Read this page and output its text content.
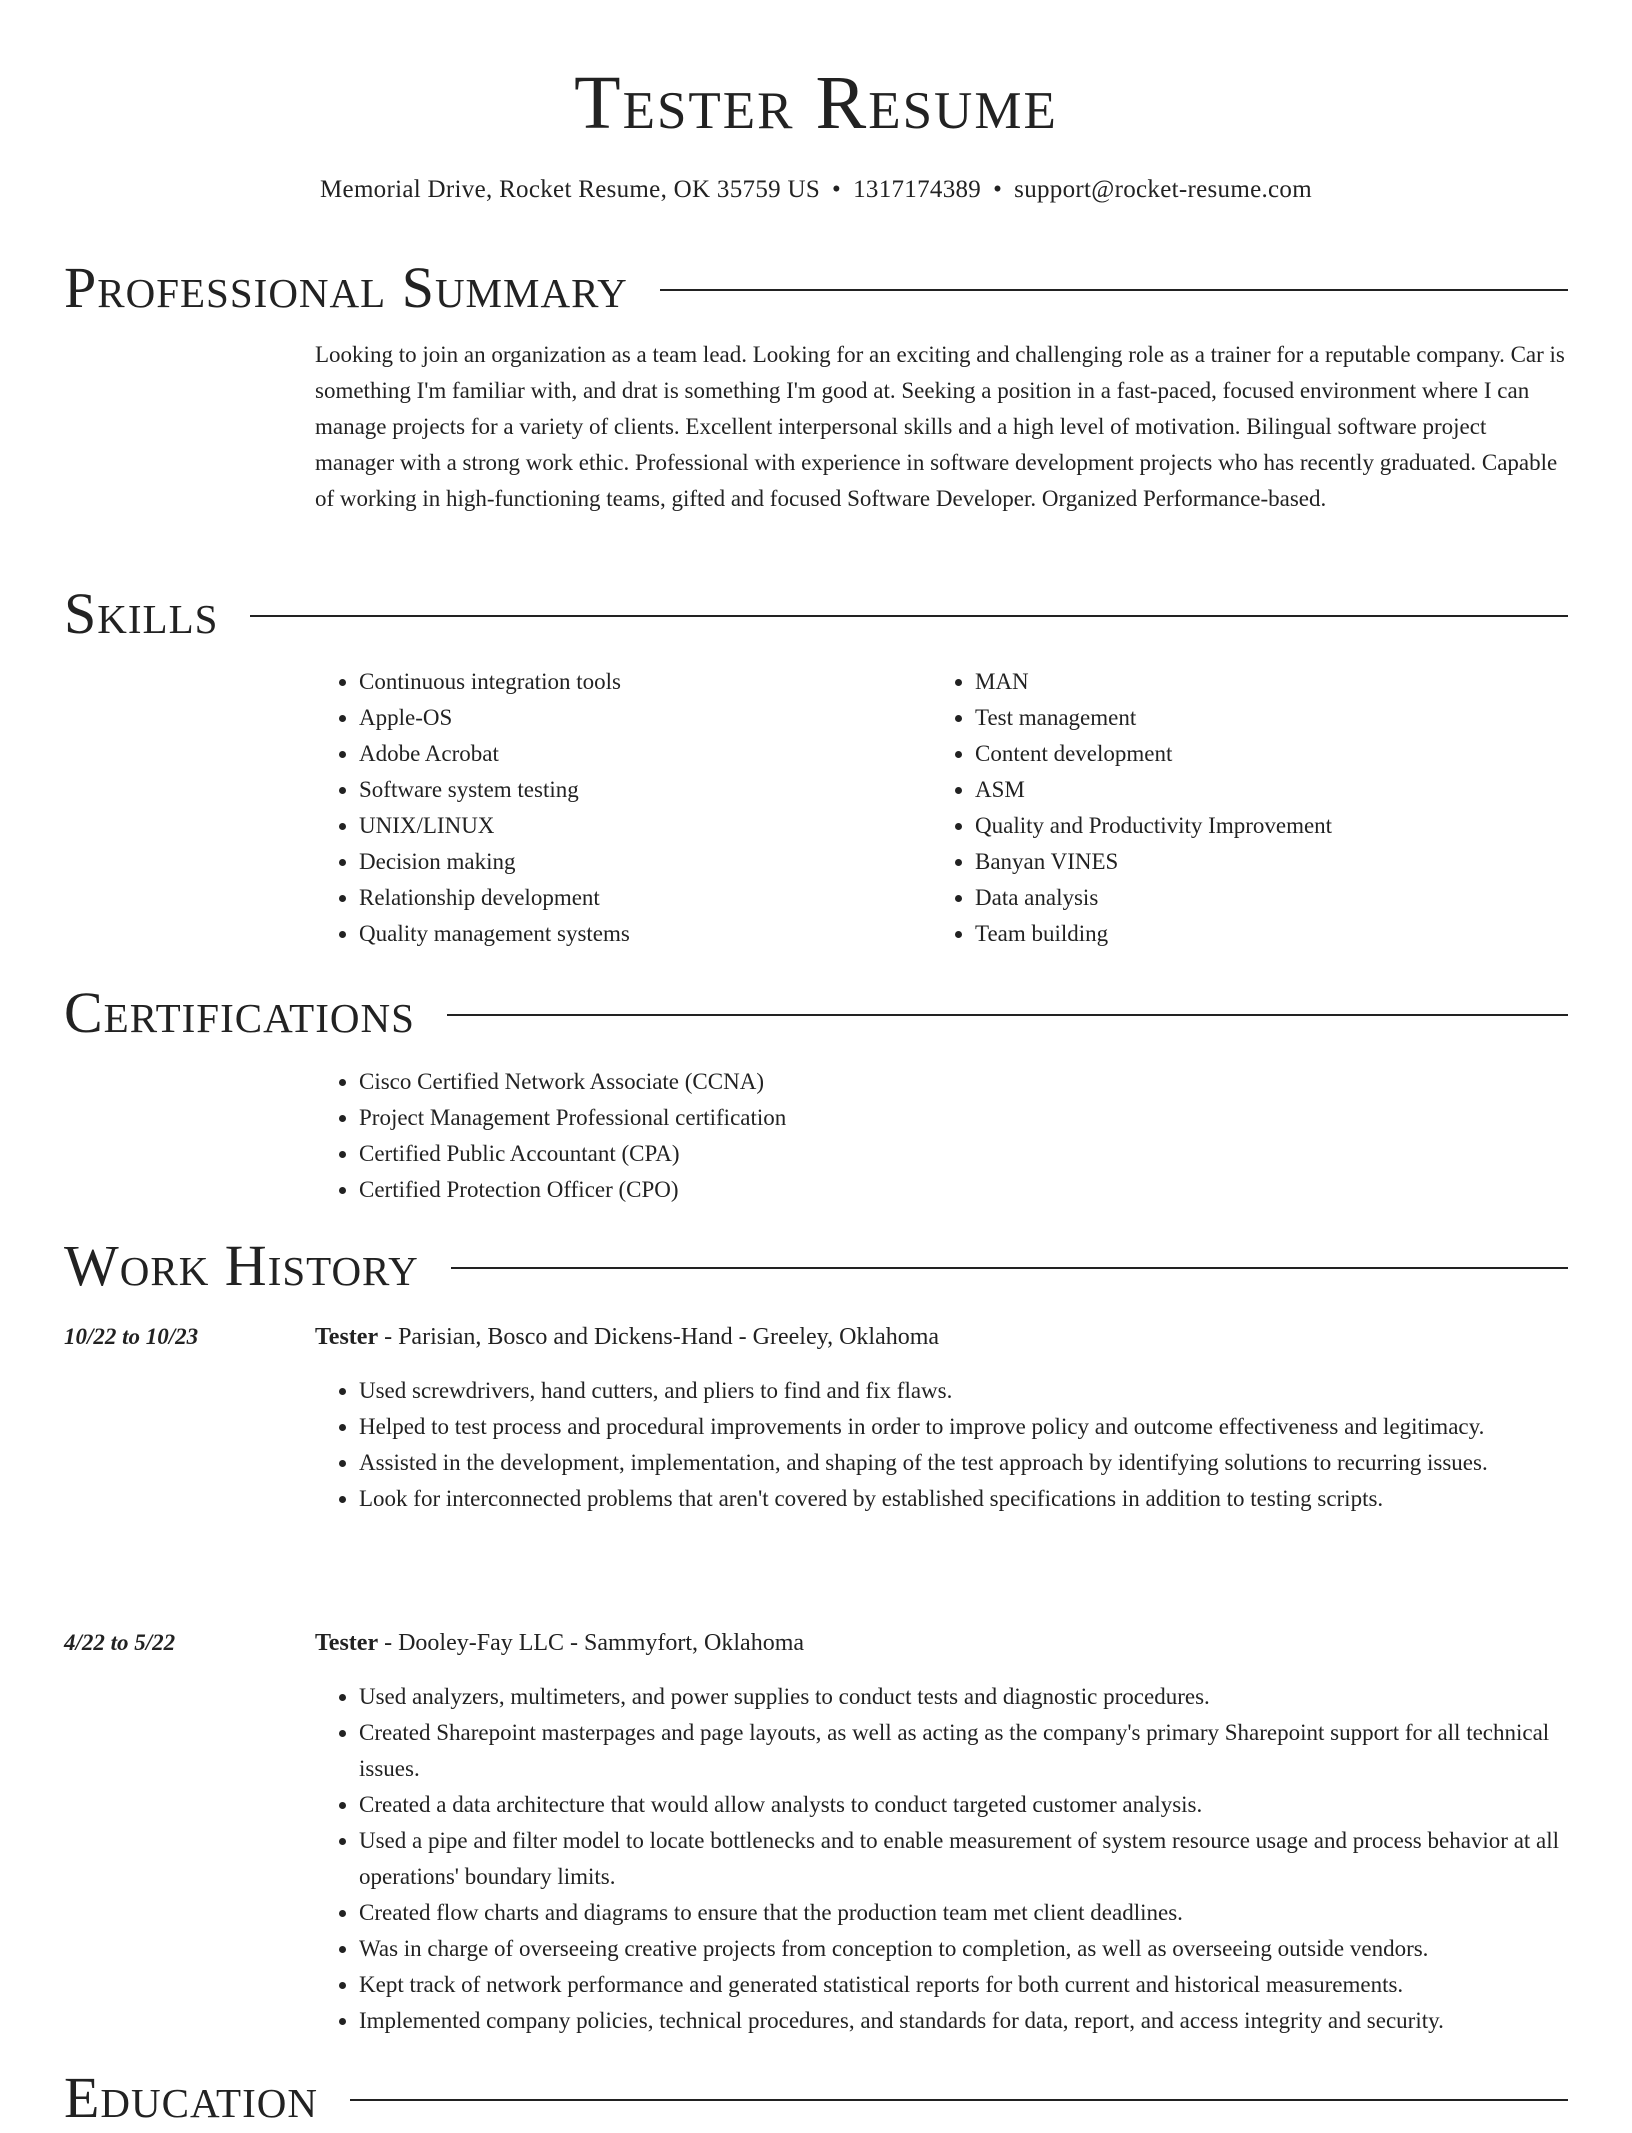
Tester Resume
Memorial Drive, Rocket Resume, OK 35759 US • 1317174389 • support@rocket-resume.com
Professional Summary

Looking to join an organization as a team lead. Looking for an exciting and challenging role as a trainer for a reputable company. Car is something I'm familiar with, and drat is something I'm good at. Seeking a position in a fast-paced, focused environment where I can manage projects for a variety of clients. Excellent interpersonal skills and a high level of motivation. Bilingual software project manager with a strong work ethic. Professional with experience in software development projects who has recently graduated. Capable of working in high-functioning teams, gifted and focused Software Developer. Organized Performance-based.

Skills
• Continuous integration tools
• Apple-OS
• Adobe Acrobat
• Software system testing
• UNIX/LINUX
• Decision making
• Relationship development
• Quality management systems
• MAN
• Test management
• Content development
• ASM
• Quality and Productivity Improvement
• Banyan VINES
• Data analysis
• Team building
Certifications
• Cisco Certified Network Associate (CCNA)
• Project Management Professional certification
• Certified Public Accountant (CPA)
• Certified Protection Officer (CPO)
Work History
10/22 to 10/23	Tester - Parisian, Bosco and Dickens-Hand - Greeley, Oklahoma
• Used screwdrivers, hand cutters, and pliers to find and fix flaws.
• Helped to test process and procedural improvements in order to improve policy and outcome effectiveness and legitimacy.
• Assisted in the development, implementation, and shaping of the test approach by identifying solutions to recurring issues.
• Look for interconnected problems that aren't covered by established specifications in addition to testing scripts.
4/22 to 5/22	Tester - Dooley-Fay LLC - Sammyfort, Oklahoma
• Used analyzers, multimeters, and power supplies to conduct tests and diagnostic procedures.
• Created Sharepoint masterpages and page layouts, as well as acting as the company's primary Sharepoint support for all technical issues.
• Created a data architecture that would allow analysts to conduct targeted customer analysis.
• Used a pipe and filter model to locate bottlenecks and to enable measurement of system resource usage and process behavior at all operations' boundary limits.
• Created flow charts and diagrams to ensure that the production team met client deadlines.
• Was in charge of overseeing creative projects from conception to completion, as well as overseeing outside vendors.
• Kept track of network performance and generated statistical reports for both current and historical measurements.
• Implemented company policies, technical procedures, and standards for data, report, and access integrity and security.
Education
